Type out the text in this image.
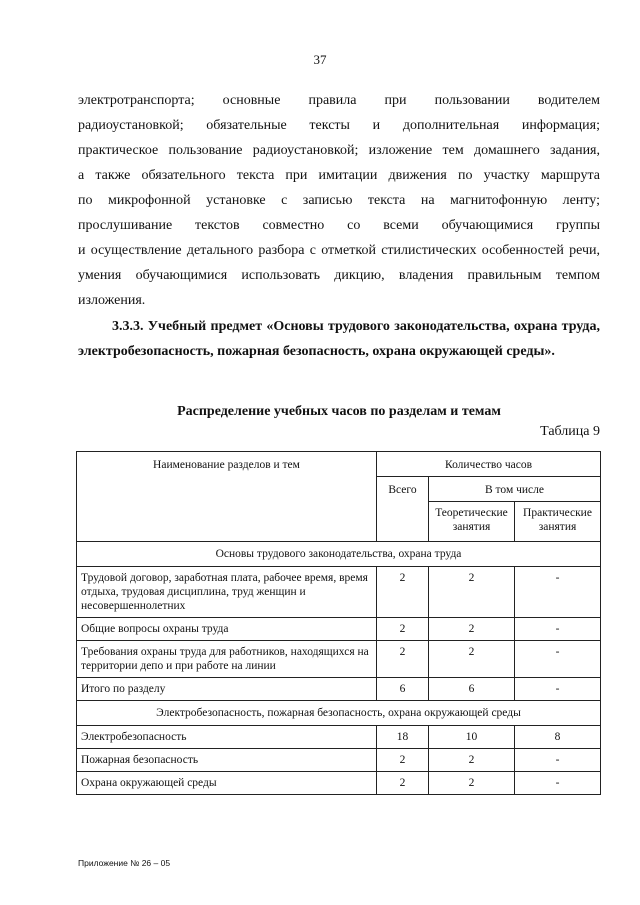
37

электротранспорта; основные правила при пользовании водителем

радиоустановкой; обязательные тексты и дополнительная информация;

практическое пользование радиоустановкой; изложение тем домашнего задания,

а также обязательного текста при имитации движения по участку маршрута

по микрофонной установке с записью текста на магнитофонную ленту;

прослушивание текстов совместно со всеми обучающимися группы

и осуществление детального разбора с отметкой стилистических особенностей речи,

умения обучающимися использовать дикцию, владения правильным темпом

изложения.

3.3.3. Учебный предмет «Основы трудового законодательства, охрана труда, электробезопасность, пожарная безопасность, охрана окружающей среды».
Распределение учебных часов по разделам и темам
Таблица 9
Наименование разделов и тем	Количество часов		
	Всего	В том числе	
		Теоретические занятия	Практические занятия
Основы трудового законодательства, охрана труда			
Трудовой договор, заработная плата, рабочее время, время отдыха, трудовая дисциплина, труд женщин и несовершеннолетних	2	2	-
Общие вопросы охраны труда	2	2	-
Требования охраны труда для работников, находящихся на территории депо и при работе на линии	2	2	-
Итого по разделу	6	6	-
Электробезопасность, пожарная безопасность, охрана окружающей среды			
Электробезопасность	18	10	8
Пожарная безопасность	2	2	-
Охрана окружающей среды	2	2	-
Приложение № 26 – 05
